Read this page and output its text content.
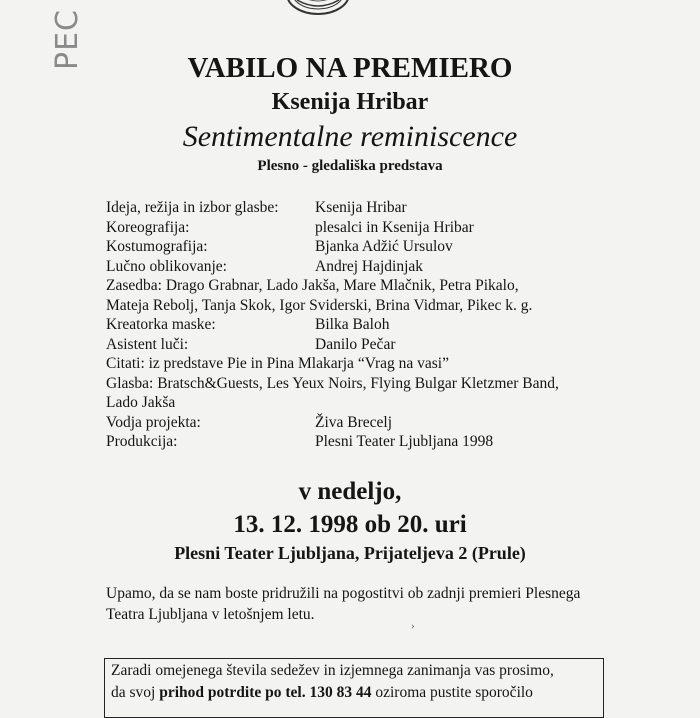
PEC	VABILO NA PREMIERO
Ksenija Hribar
Sentimentalne reminiscence
Plesno - gledališka predstava
Ideja, režija in izbor glasbe:	Ksenija Hribar
Koreografija:	plesalci in Ksenija Hribar
Kostumografija:	Bjanka Adžić Ursulov
Lučno oblikovanje:	Andrej Hajdinjak
Zasedba: Drago Grabnar, Lado Jakša, Mare Mlačnik, Petra Pikalo,
Mateja Rebolj, Tanja Skok, Igor Sviderski, Brina Vidmar, Pikec k. g.
Kreatorka maske:	Bilka Baloh
Asistent luči:	Danilo Pečar
Citati: iz predstave Pie in Pina Mlakarja “Vrag na vasi”
Glasba: Bratsch&Guests, Les Yeux Noirs, Flying Bulgar Kletzmer Band,
Lado Jakša
Vodja projekta:	Živa Brecelj
Produkcija:	Plesni Teater Ljubljana 1998
v nedeljo,
13. 12. 1998 ob 20. uri
Plesni Teater Ljubljana, Prijateljeva 2 (Prule)
Upamo, da se nam boste pridružili na pogostitvi ob zadnji premieri Plesnega Teatra Ljubljana v letošnjem letu.
›
Zaradi omejenega števila sedežev in izjemnega zanimanja vas prosimo,
da svoj prihod potrdite po tel. 130 83 44 oziroma pustite sporočilo
